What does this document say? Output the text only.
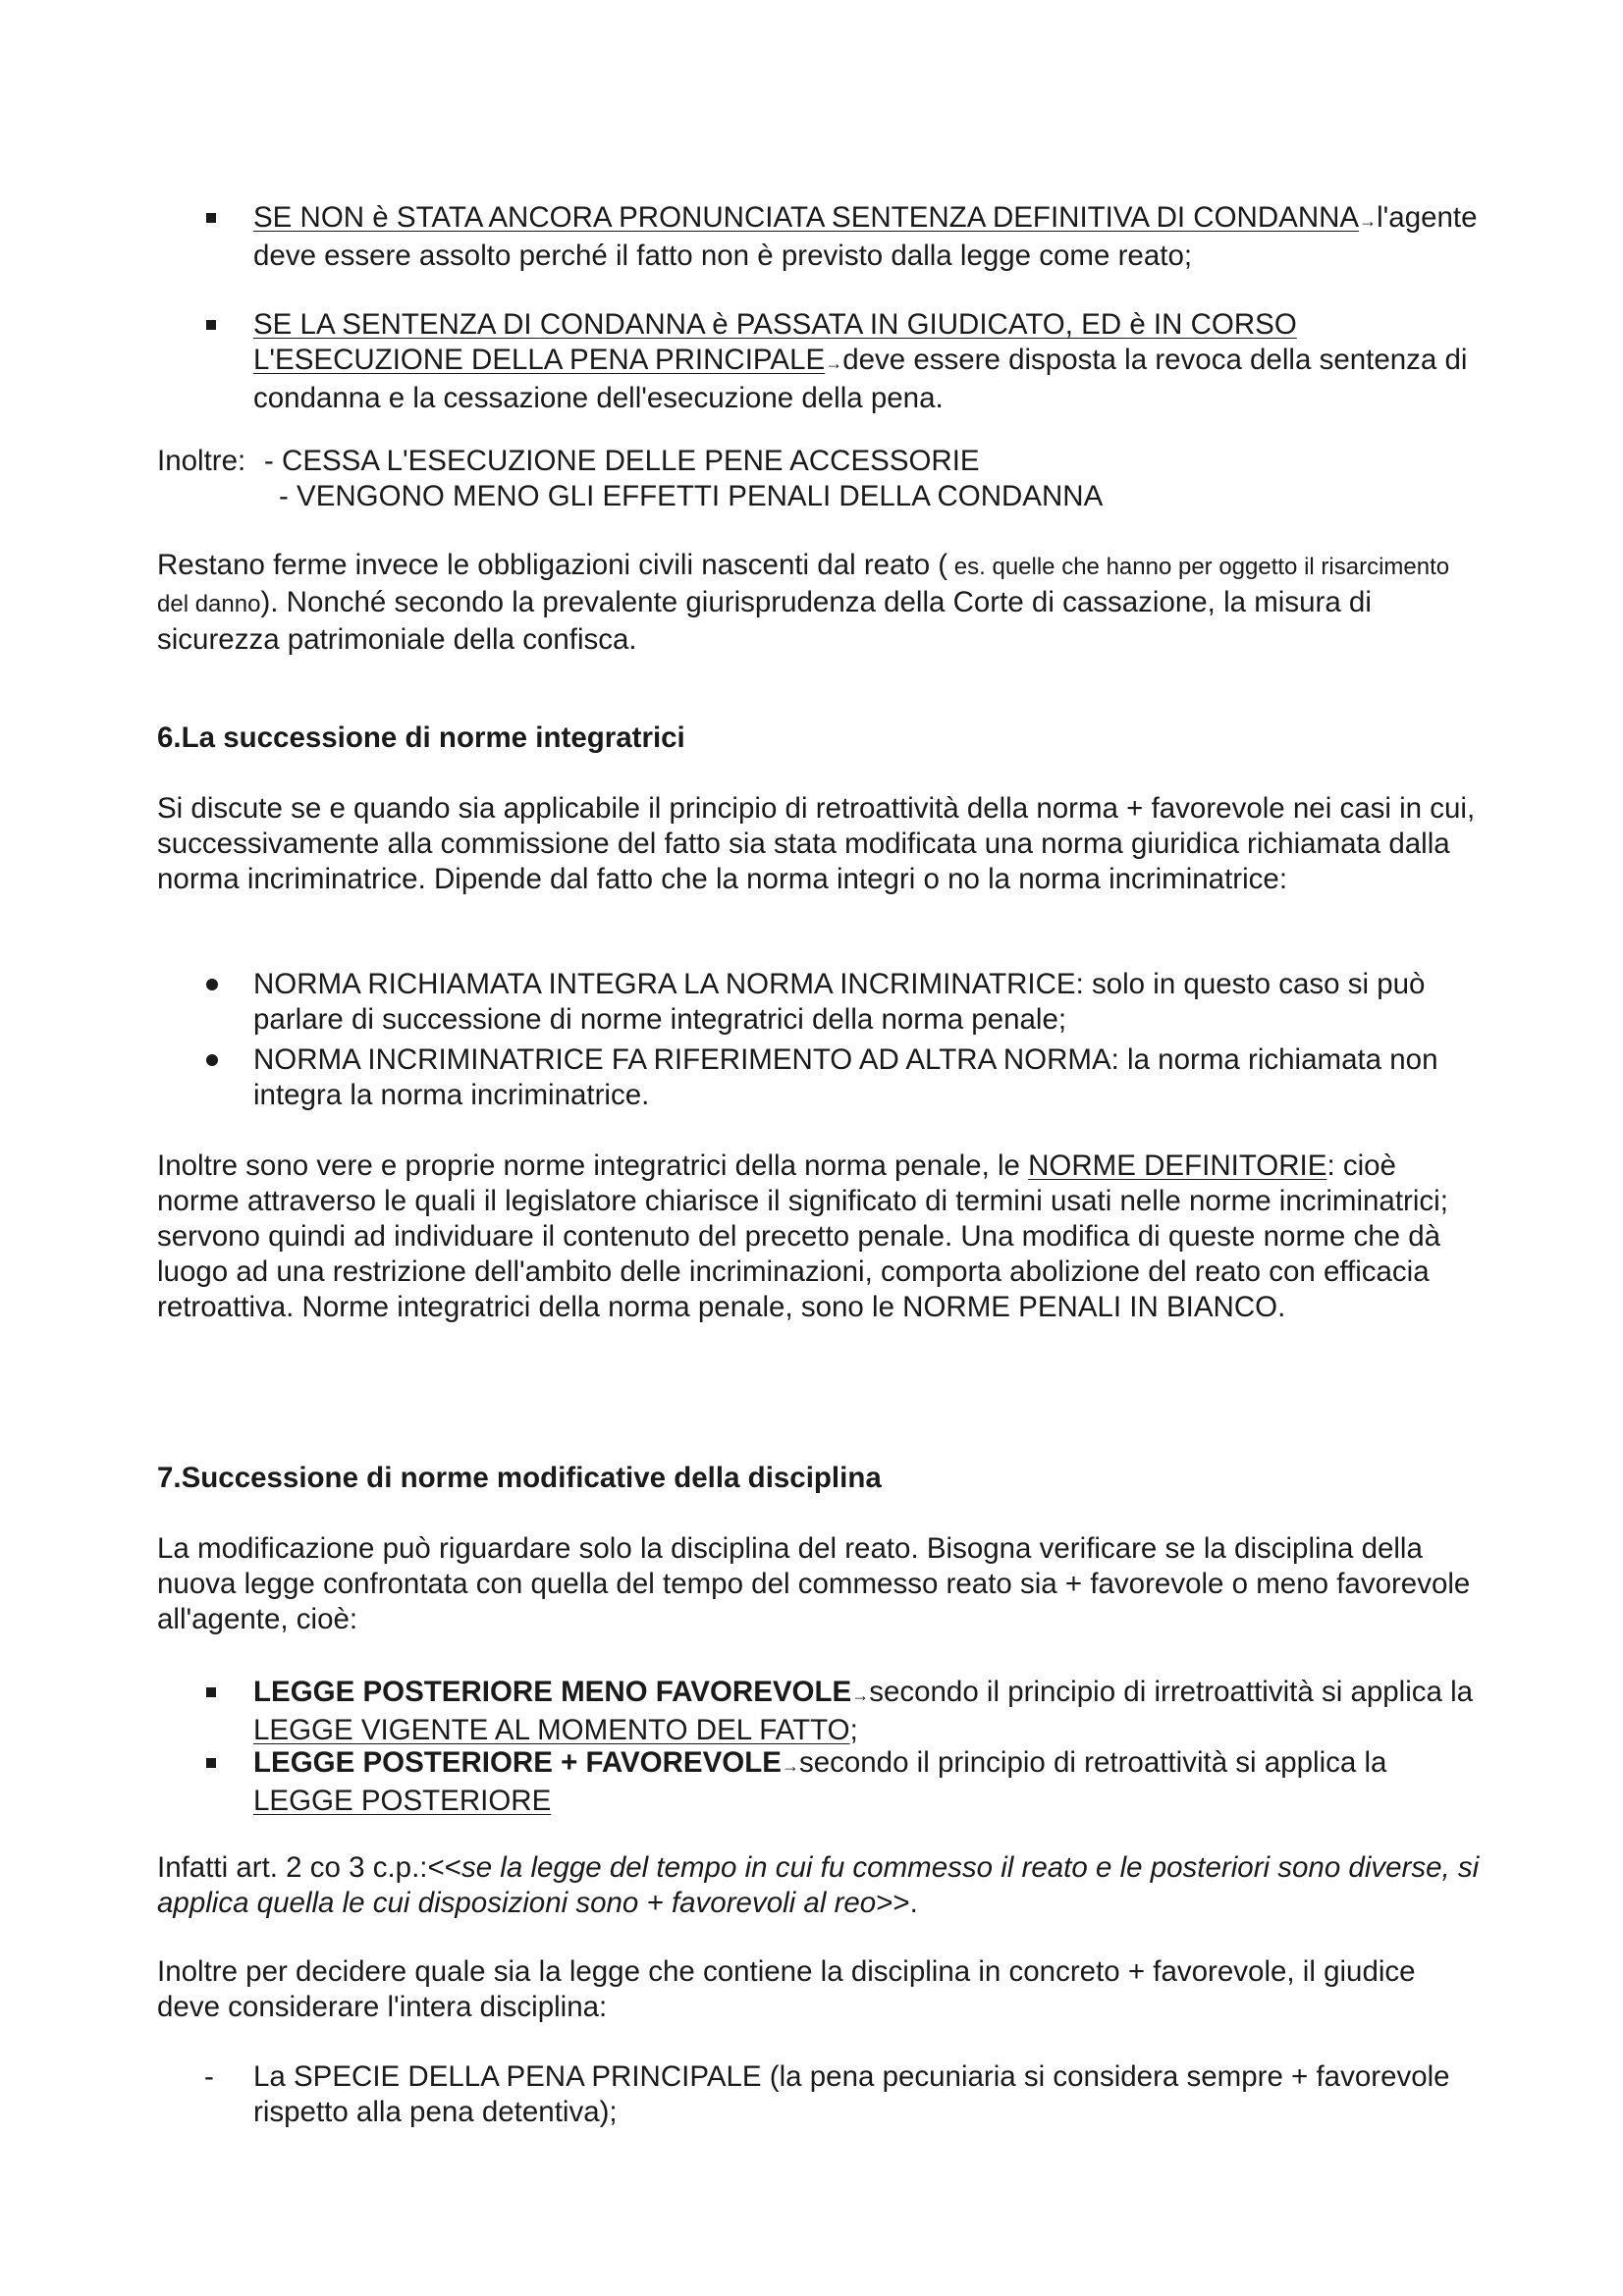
SE NON è STATA ANCORA PRONUNCIATA SENTENZA DEFINITIVA DI CONDANNA→l'agente deve essere assolto perché il fatto non è previsto dalla legge come reato;

SE LA SENTENZA DI CONDANNA è PASSATA IN GIUDICATO, ED è IN CORSO L'ESECUZIONE DELLA PENA PRINCIPALE→deve essere disposta la revoca della sentenza di condanna e la cessazione dell'esecuzione della pena.

Inoltre: - CESSA L'ESECUZIONE DELLE PENE ACCESSORIE
- VENGONO MENO GLI EFFETTI PENALI DELLA CONDANNA

Restano ferme invece le obbligazioni civili nascenti dal reato ( es. quelle che hanno per oggetto il risarcimento del danno). Nonché secondo la prevalente giurisprudenza della Corte di cassazione, la misura di sicurezza patrimoniale della confisca.

6.La successione di norme integratrici

Si discute se e quando sia applicabile il principio di retroattività della norma + favorevole nei casi in cui, successivamente alla commissione del fatto sia stata modificata una norma giuridica richiamata dalla norma incriminatrice. Dipende dal fatto che la norma integri o no la norma incriminatrice:

NORMA RICHIAMATA INTEGRA LA NORMA INCRIMINATRICE: solo in questo caso si può parlare di successione di norme integratrici della norma penale;

NORMA INCRIMINATRICE FA RIFERIMENTO AD ALTRA NORMA: la norma richiamata non integra la norma incriminatrice.

Inoltre sono vere e proprie norme integratrici della norma penale, le NORME DEFINITORIE: cioè norme attraverso le quali il legislatore chiarisce il significato di termini usati nelle norme incriminatrici; servono quindi ad individuare il contenuto del precetto penale. Una modifica di queste norme che dà luogo ad una restrizione dell'ambito delle incriminazioni, comporta abolizione del reato con efficacia retroattiva. Norme integratrici della norma penale, sono le NORME PENALI IN BIANCO.

7.Successione di norme modificative della disciplina

La modificazione può riguardare solo la disciplina del reato. Bisogna verificare se la disciplina della nuova legge confrontata con quella del tempo del commesso reato sia + favorevole o meno favorevole all'agente, cioè:

LEGGE POSTERIORE MENO FAVOREVOLE→secondo il principio di irretroattività si applica la LEGGE VIGENTE AL MOMENTO DEL FATTO;

LEGGE POSTERIORE + FAVOREVOLE→secondo il principio di retroattività si applica la LEGGE POSTERIORE

Infatti art. 2 co 3 c.p.:<<se la legge del tempo in cui fu commesso il reato e le posteriori sono diverse, si applica quella le cui disposizioni sono + favorevoli al reo>>.

Inoltre per decidere quale sia la legge che contiene la disciplina in concreto + favorevole, il giudice deve considerare l'intera disciplina:

-	La SPECIE DELLA PENA PRINCIPALE (la pena pecuniaria si considera sempre + favorevole rispetto alla pena detentiva);
